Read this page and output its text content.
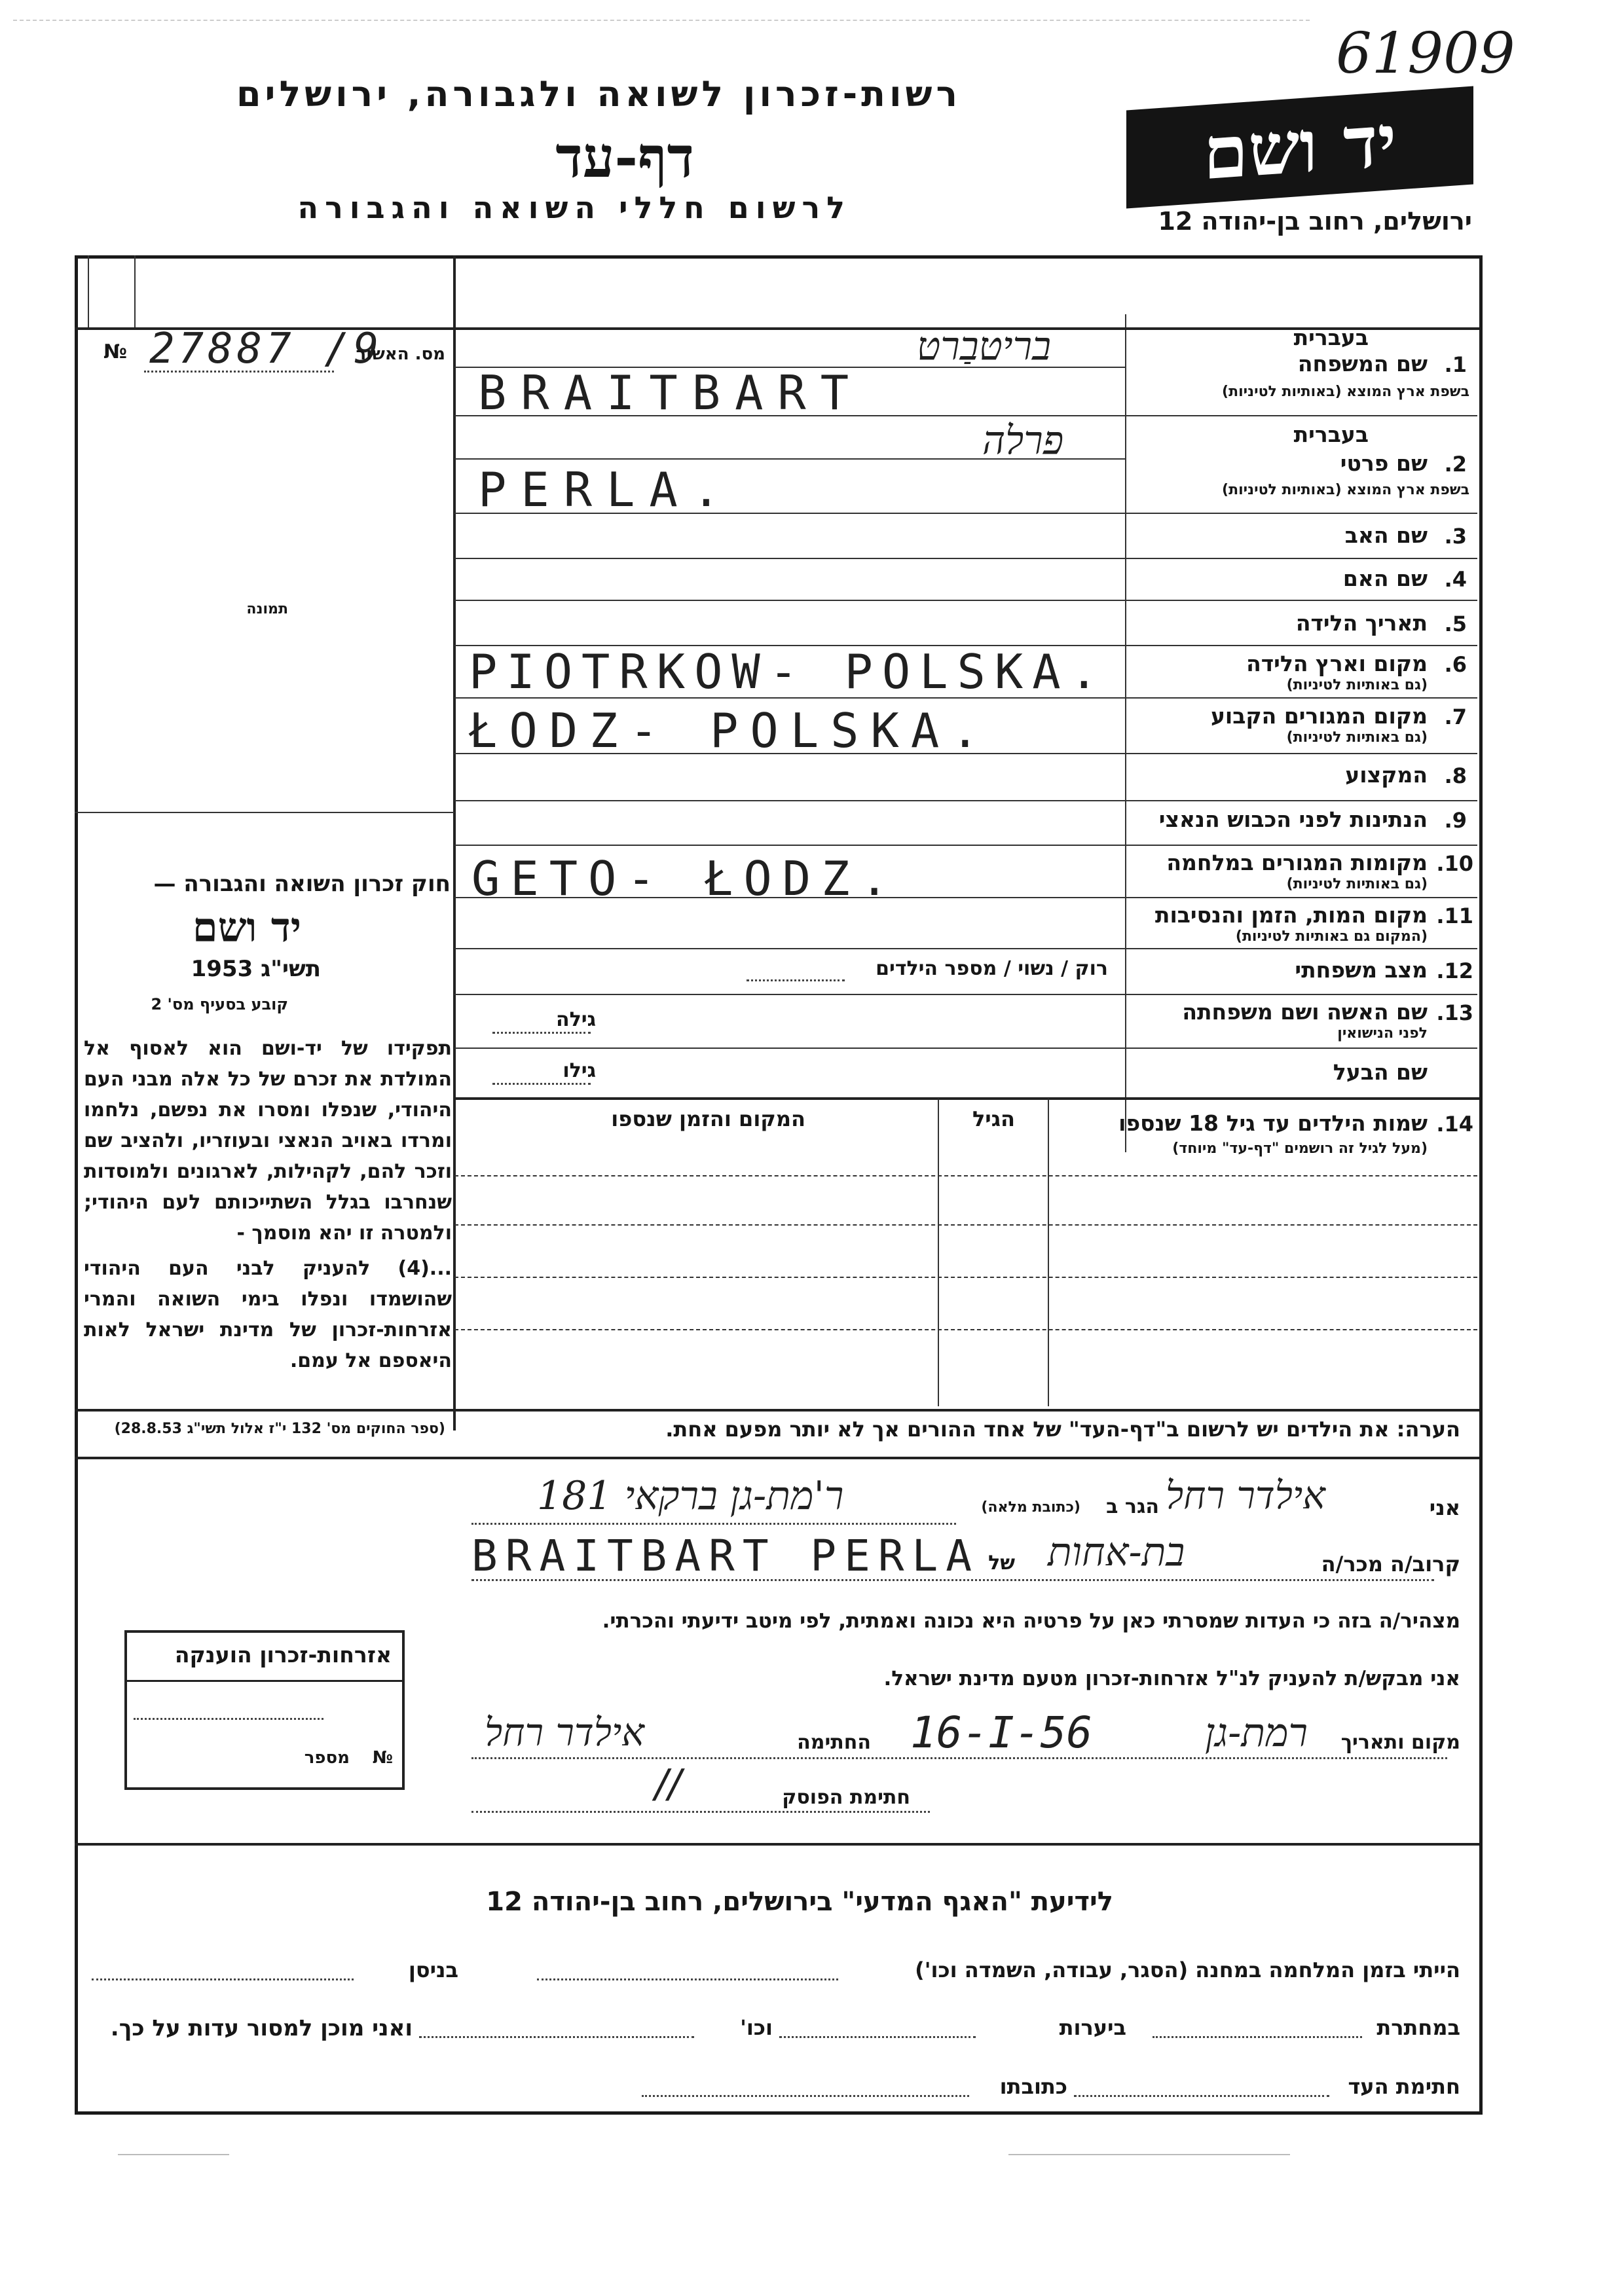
61909
רשות-זכרון לשואה ולגבורה, ירושלים
דף-עד
לרשום חללי השואה והגבורה
יד ושם
ירושלים, רחוב בן-יהודה 12
№ 27887 /9
מס. האשור
תמונה
חוק זכרון השואה והגבורה —
יד ושם
תשי"ג 1953
קובע בסעיף מס' 2
תפקידו של יד-ושם הוא לאסוף אל המולדת את זכרם של כל אלה מבני העם היהודי, שנפלו ומסרו את נפשם, נלחמו ומרדו באויב הנאצי ובעוזריו, ולהציב שם וזכר להם, לקהילות, לארגונים ולמוסדות שנחרבו בגלל השתייכותם לעם היהודי; ולמטרה זו יהא מוסמך -
...(4) להעניק לבני העם היהודי שהושמדו ונפלו בימי השואה והמרי אזרחות-זכרון של מדינת ישראל לאות היאספם אל עמם.
(ספר החוקים מס' 132 י"ז אלול תשי"ג 28.8.53)
בעברית
1.
שם המשפחה
בשפת ארץ המוצא (באותיות לטיניות)
בריטבַרט
BRAITBART
בעברית
2.
שם פרטי
בשפת ארץ המוצא (באותיות לטיניות)
פרלה
PERLA.
3.
שם האב
4.
שם האם
5.
תאריך הלידה
6.
מקום וארץ הלידה
(גם באותיות לטיניות)
PIOTRKOW- POLSKA.
7.
מקום המגורים הקבוע
(גם באותיות לטיניות)
ŁODZ- POLSKA.
8.
המקצוע
9.
הנתינות לפני הכבוש הנאצי
10.
מקומות המגורים במלחמה
(גם באותיות לטיניות)
GETO- ŁODZ.
11.
מקום המות, הזמן והנסיבות
(המקום גם באותיות לטיניות)
12.
מצב משפחתי
רוק / נשוי / מספר הילדים
13.
שם האשה ושם משפחתה
לפני הנישואין
גילה
שם הבעל
גילו
14.
שמות הילדים עד גיל 18 שנספו
(מעל לגיל זה רושמים "דף-עד" מיוחד)
הגיל
המקום והזמן שנספו
הערה: את הילדים יש לרשום ב"דף-העד" של אחד ההורים אך לא יותר מפעם אחת.
אני
אילדר רחל
הגר ב
(כתובת מלאה)
ר'מת-גן ברקאי 181
קרוב/ה מכר/ה
בת-אחות
של
BRAITBART PERLA
מצהיר/ה בזה כי העדות שמסרתי כאן על פרטיה היא נכונה ואמתית, לפי מיטב ידיעתי והכרתי.
אני מבקש/ת להעניק לנ"ל אזרחות-זכרון מטעם מדינת ישראל.
מקום ותאריך
רמת-גן
16-I-56
החתימה
אילדר רחל
חתימת הפוסק
//
אזרחות-זכרון הוענקה
מספר №
לידיעת "האגף המדעי" בירושלים, רחוב בן-יהודה 12
הייתי בזמן המלחמה במחנה (הסגר, עבודה, השמדה וכו')
בניסן
במחתרת
ביערות
וכו'
ואני מוכן למסור עדות על כך.
חתימת העד
כתובתו
